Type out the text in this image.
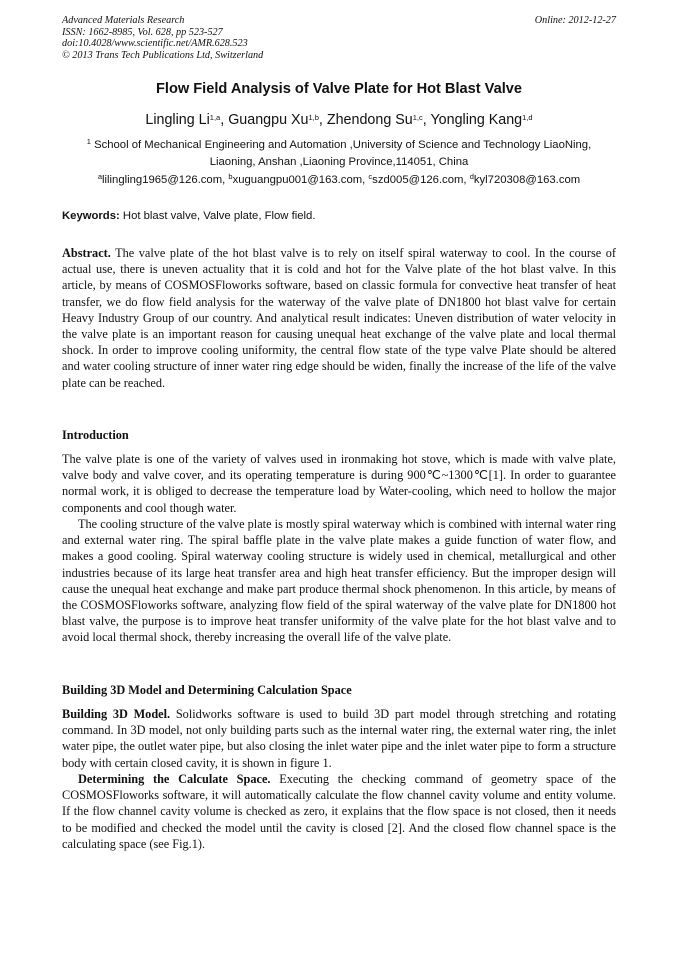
Advanced Materials Research
ISSN: 1662-8985, Vol. 628, pp 523-527
doi:10.4028/www.scientific.net/AMR.628.523
© 2013 Trans Tech Publications Ltd, Switzerland
Online: 2012-12-27
Flow Field Analysis of Valve Plate for Hot Blast Valve
Lingling Li$^{1,a}$, Guangpu Xu$^{1,b}$, Zhendong Su$^{1,c}$, Yongling Kang$^{1,d}$
$^1$ School of Mechanical Engineering and Automation ,University of Science and Technology LiaoNing,
Liaoning, Anshan ,Liaoning Province,114051, China
$^a$lilingling1965@126.com, $^b$xuguangpu001@163.com, $^c$szd005@126.com, $^d$kyl720308@163.com
Keywords: Hot blast valve, Valve plate, Flow field.
Abstract. The valve plate of the hot blast valve is to rely on itself spiral waterway to cool. In the course of actual use, there is uneven actuality that it is cold and hot for the Valve plate of the hot blast valve. In this article, by means of COSMOSFloworks software, based on classic formula for convective heat transfer of heat transfer, we do flow field analysis for the waterway of the valve plate of DN1800 hot blast valve for certain Heavy Industry Group of our country. And analytical result indicates: Uneven distribution of water velocity in the valve plate is an important reason for causing unequal heat exchange of the valve plate and local thermal shock. In order to improve cooling uniformity, the central flow state of the type valve Plate should be altered and water cooling structure of inner water ring edge should be widen, finally the increase of the life of the valve plate can be reached.
Introduction
The valve plate is one of the variety of valves used in ironmaking hot stove, which is made with valve plate, valve body and valve cover, and its operating temperature is during 900℃~1300℃[1]. In order to guarantee normal work, it is obliged to decrease the temperature load by Water-cooling, which need to hollow the major components and cool though water.
The cooling structure of the valve plate is mostly spiral waterway which is combined with internal water ring and external water ring. The spiral baffle plate in the valve plate makes a guide function of water flow, and makes a good cooling. Spiral waterway cooling structure is widely used in chemical, metallurgical and other industries because of its large heat transfer area and high heat transfer efficiency. But the improper design will cause the unequal heat exchange and make part produce thermal shock phenomenon. In this article, by means of the COSMOSFloworks software, analyzing flow field of the spiral waterway of the valve plate for DN1800 hot blast valve, the purpose is to improve heat transfer uniformity of the valve plate for the hot blast valve and to avoid local thermal shock, thereby increasing the overall life of the valve plate.
Building 3D Model and Determining Calculation Space
Building 3D Model. Solidworks software is used to build 3D part model through stretching and rotating command. In 3D model, not only building parts such as the internal water ring, the external water ring, the inlet water pipe, the outlet water pipe, but also closing the inlet water pipe and the inlet water pipe to form a structure body with certain closed cavity, it is shown in figure 1.
Determining the Calculate Space. Executing the checking command of geometry space of the COSMOSFloworks software, it will automatically calculate the flow channel cavity volume and entity volume. If the flow channel cavity volume is checked as zero, it explains that the flow space is not closed, then it needs to be modified and checked the model until the cavity is closed [2]. And the closed flow channel space is the calculating space (see Fig.1).
